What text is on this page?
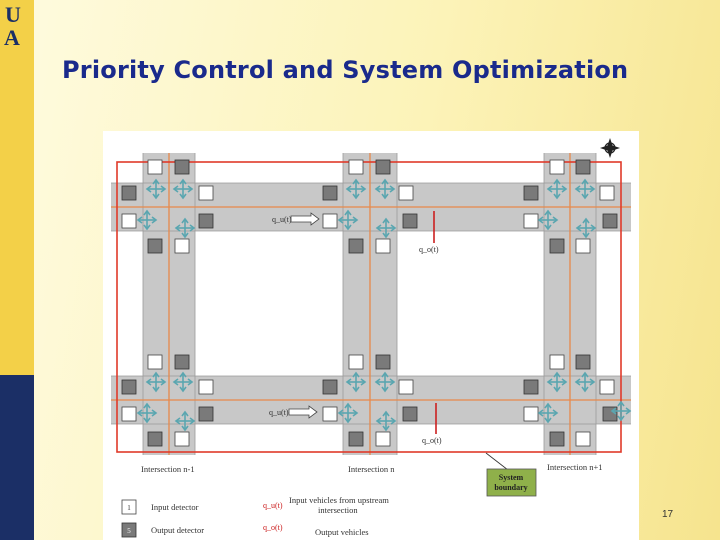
U
A
Priority Control and System Optimization
q_u(t)
q_o(t)
q_u(t)
q_o(t)
Intersection n-1	Intersection n	Intersection n+1
System
boundary
1 Input detector
5 Output detector
q_u(t)
Input vehicles from upstream
intersection
q_o(t)	Output vehicles
17
